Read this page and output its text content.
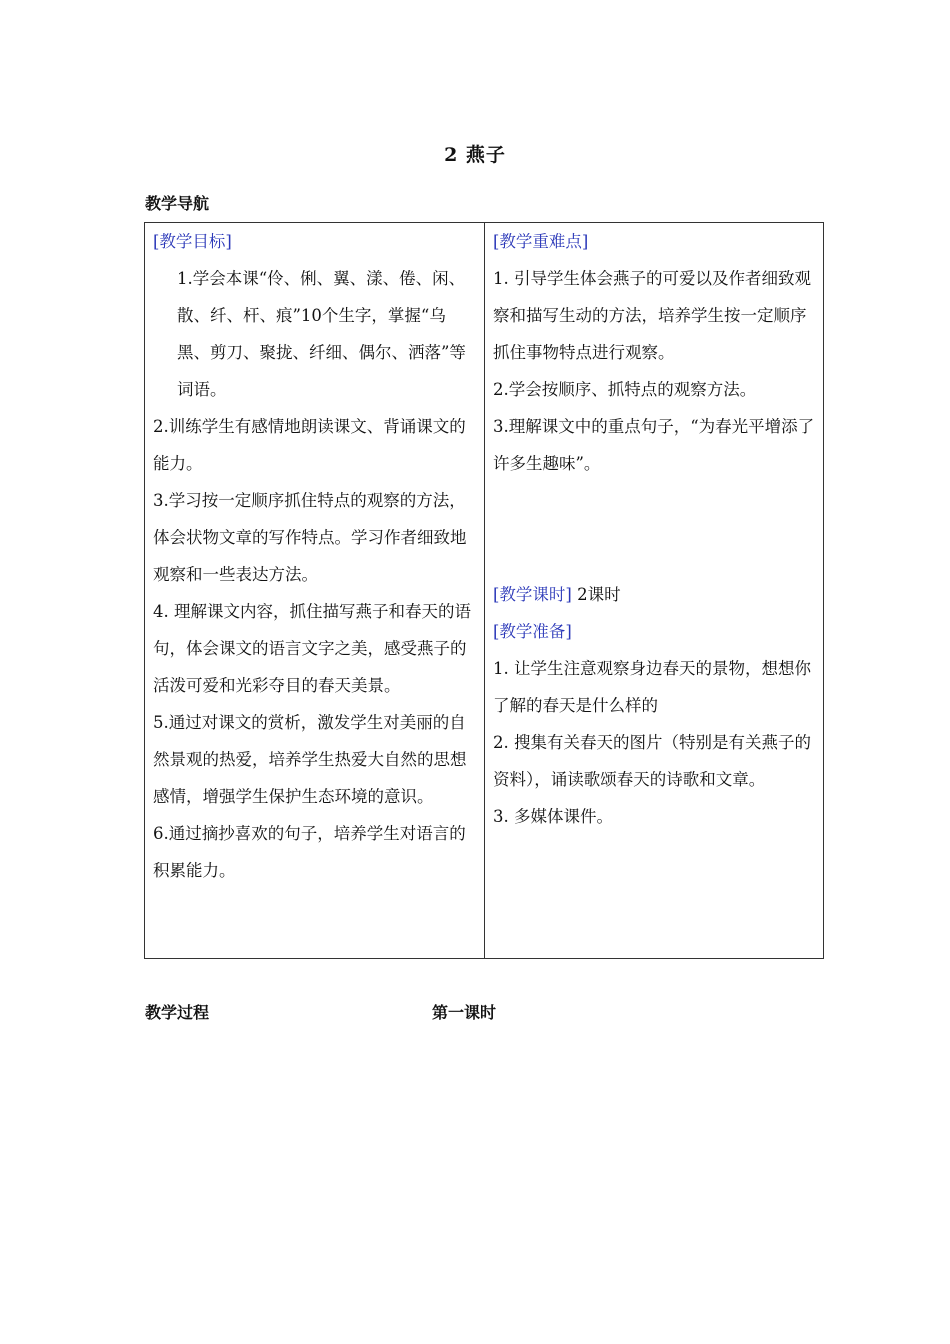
2 燕子
教学导航

[教学目标]

1.学会本课“伶、俐、翼、漾、倦、闲、散、纤、杆、痕”10个生字，掌握“乌黑、剪刀、聚拢、纤细、偶尔、洒落”等词语。

2.训练学生有感情地朗读课文、背诵课文的能力。

3.学习按一定顺序抓住特点的观察的方法，体会状物文章的写作特点。学习作者细致地观察和一些表达方法。

4. 理解课文内容，抓住描写燕子和春天的语句，体会课文的语言文字之美，感受燕子的活泼可爱和光彩夺目的春天美景。

5.通过对课文的赏析，激发学生对美丽的自然景观的热爱，培养学生热爱大自然的思想感情，增强学生保护生态环境的意识。

6.通过摘抄喜欢的句子，培养学生对语言的积累能力。

[教学重难点]

1. 引导学生体会燕子的可爱以及作者细致观察和描写生动的方法，培养学生按一定顺序抓住事物特点进行观察。

2.学会按顺序、抓特点的观察方法。

3.理解课文中的重点句子，“为春光平增添了许多生趣味”。

[教学课时] 2课时

[教学准备]

1. 让学生注意观察身边春天的景物，想想你了解的春天是什么样的

2. 搜集有关春天的图片（特别是有关燕子的资料），诵读歌颂春天的诗歌和文章。

3. 多媒体课件。

教学过程	第一课时
